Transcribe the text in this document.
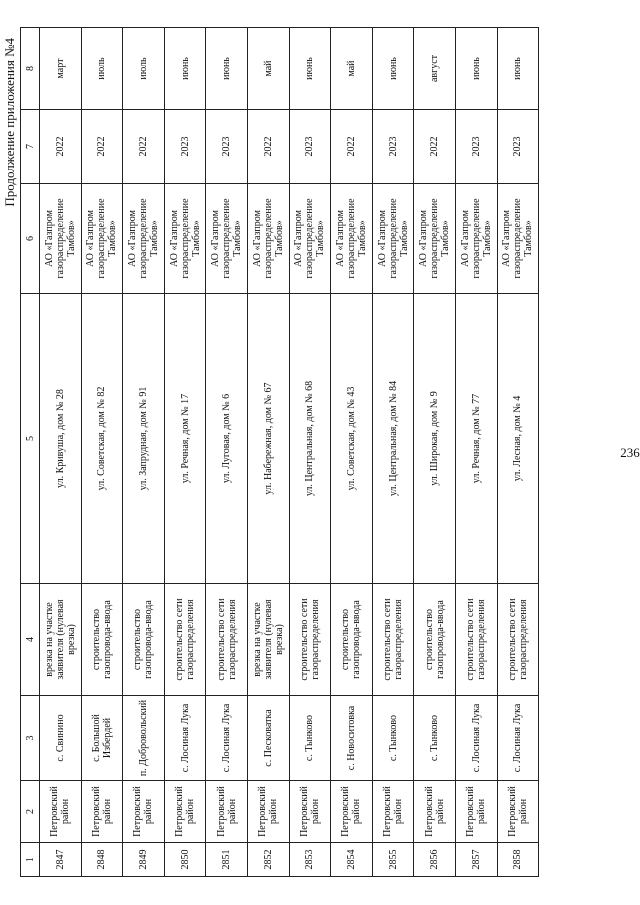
236
Продолжение приложения №4
1	2	3	4	5	6	7	8
2847	Петровский район	с. Свинино	врезка на участке заявителя (нулевая врезка)	ул. Кривуша, дом № 28	АО «Газпром газораспределение Тамбов»	2022	март
2848	Петровский район	с. Большой Избердей	строительство газопровода-ввода	ул. Советская, дом № 82	АО «Газпром газораспределение Тамбов»	2022	июль
2849	Петровский район	п. Добровольский	строительство газопровода-ввода	ул. Запрудная, дом № 91	АО «Газпром газораспределение Тамбов»	2022	июль
2850	Петровский район	с. Лосиная Лука	строительство сети газораспределения	ул. Речная, дом № 17	АО «Газпром газораспределение Тамбов»	2023	июнь
2851	Петровский район	с. Лосиная Лука	строительство сети газораспределения	ул. Луговая, дом № 6	АО «Газпром газораспределение Тамбов»	2023	июнь
2852	Петровский район	с. Песковатка	врезка на участке заявителя (нулевая врезка)	ул. Набережная, дом № 67	АО «Газпром газораспределение Тамбов»	2022	май
2853	Петровский район	с. Тынково	строительство сети газораспределения	ул. Центральная, дом № 68	АО «Газпром газораспределение Тамбов»	2023	июнь
2854	Петровский район	с. Новоситовка	строительство газопровода-ввода	ул. Советская, дом № 43	АО «Газпром газораспределение Тамбов»	2022	май
2855	Петровский район	с. Тынково	строительство сети газораспределения	ул. Центральная, дом № 84	АО «Газпром газораспределение Тамбов»	2023	июнь
2856	Петровский район	с. Тынково	строительство газопровода-ввода	ул. Широкая, дом № 9	АО «Газпром газораспределение Тамбов»	2022	август
2857	Петровский район	с. Лосиная Лука	строительство сети газораспределения	ул. Речная, дом № 77	АО «Газпром газораспределение Тамбов»	2023	июнь
2858	Петровский район	с. Лосиная Лука	строительство сети газораспределения	ул. Лесная, дом № 4	АО «Газпром газораспределение Тамбов»	2023	июнь
